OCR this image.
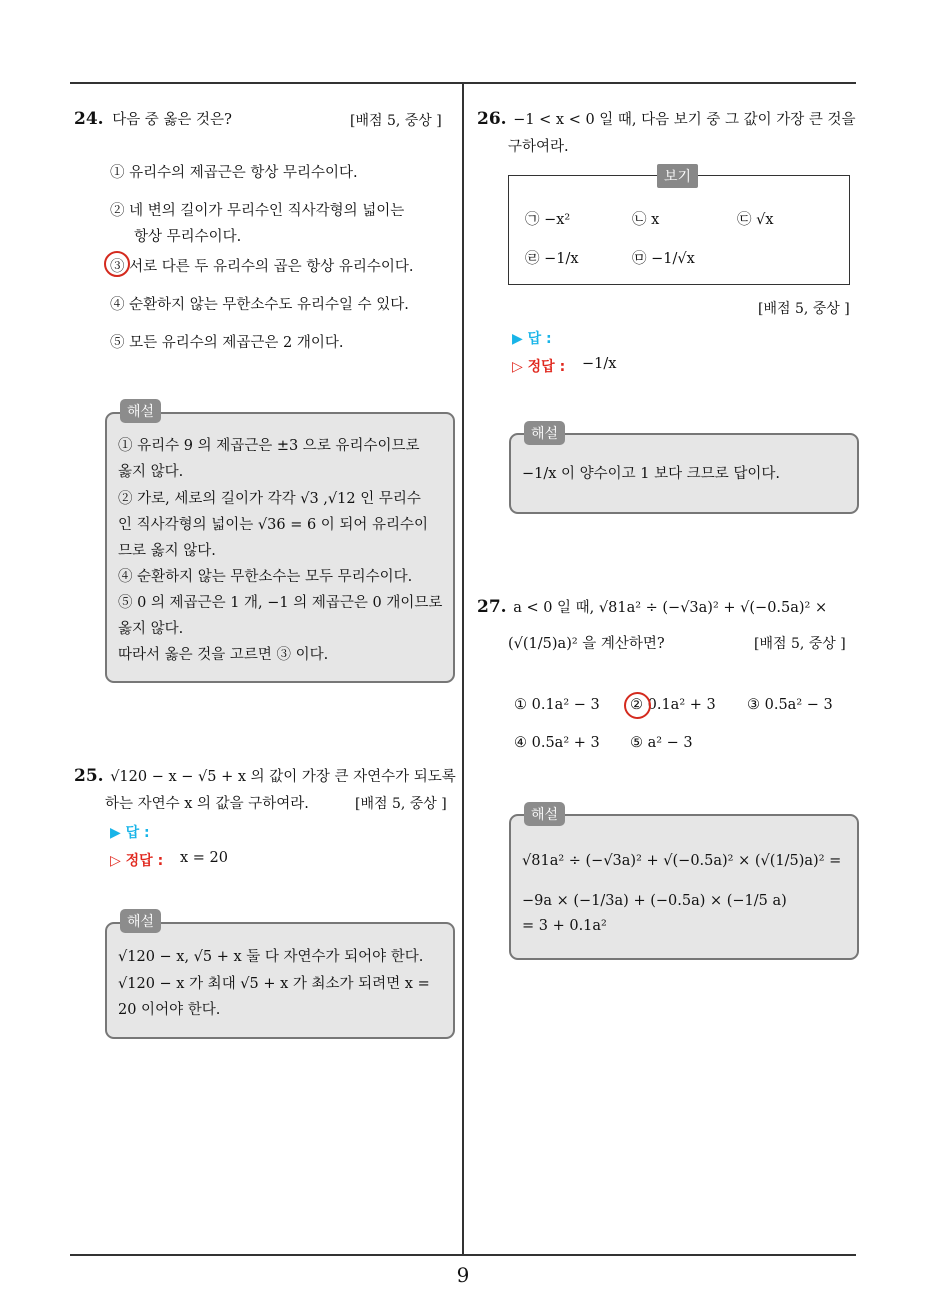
24. 다음 중 옳은 것은?	[배점 5, 중상 ]
① 유리수의 제곱근은 항상 무리수이다.
② 네 변의 길이가 무리수인 직사각형의 넓이는
항상 무리수이다.
③ 서로 다른 두 유리수의 곱은 항상 유리수이다.
④ 순환하지 않는 무한소수도 유리수일 수 있다.
⑤ 모든 유리수의 제곱근은 2 개이다.
해설
① 유리수 9 의 제곱근은 ±3 으로 유리수이므로
옳지 않다.
② 가로, 세로의 길이가 각각 √3 ,√12 인 무리수
인 직사각형의 넓이는 √36 = 6 이 되어 유리수이
므로 옳지 않다.
④ 순환하지 않는 무한소수는 모두 무리수이다.
⑤ 0 의 제곱근은 1 개, −1 의 제곱근은 0 개이므로
옳지 않다.
따라서 옳은 것을 고르면 ③ 이다.
25. √120 − x − √5 + x 의 값이 가장 큰 자연수가 되도록
하는 자연수 x 의 값을 구하여라.	[배점 5, 중상 ]
▶ 답 :
▷ 정답 : x = 20
해설
√120 − x, √5 + x 둘 다 자연수가 되어야 한다.
√120 − x 가 최대 √5 + x 가 최소가 되려면 x =
20 이어야 한다.
26. −1 < x < 0 일 때, 다음 보기 중 그 값이 가장 큰 것을
구하여라.
보기
㉠ −x²	㉡ x	㉢ √x
㉣ −1/x	㉤ −1/√x
[배점 5, 중상 ]
▶ 답 :
▷ 정답 : −1/x
해설
−1/x 이 양수이고 1 보다 크므로 답이다.
27. a < 0 일 때, √81a² ÷ (−√3a)² + √(−0.5a)² ×
(√(1/5)a)² 을 계산하면?	[배점 5, 중상 ]
① 0.1a² − 3 ② 0.1a² + 3 ③ 0.5a² − 3
④ 0.5a² + 3 ⑤ a² − 3
해설
√81a² ÷ (−√3a)² + √(−0.5a)² × (√(1/5)a)² =
−9a × (−1/3a) + (−0.5a) × (−1/5 a)
= 3 + 0.1a²
9
